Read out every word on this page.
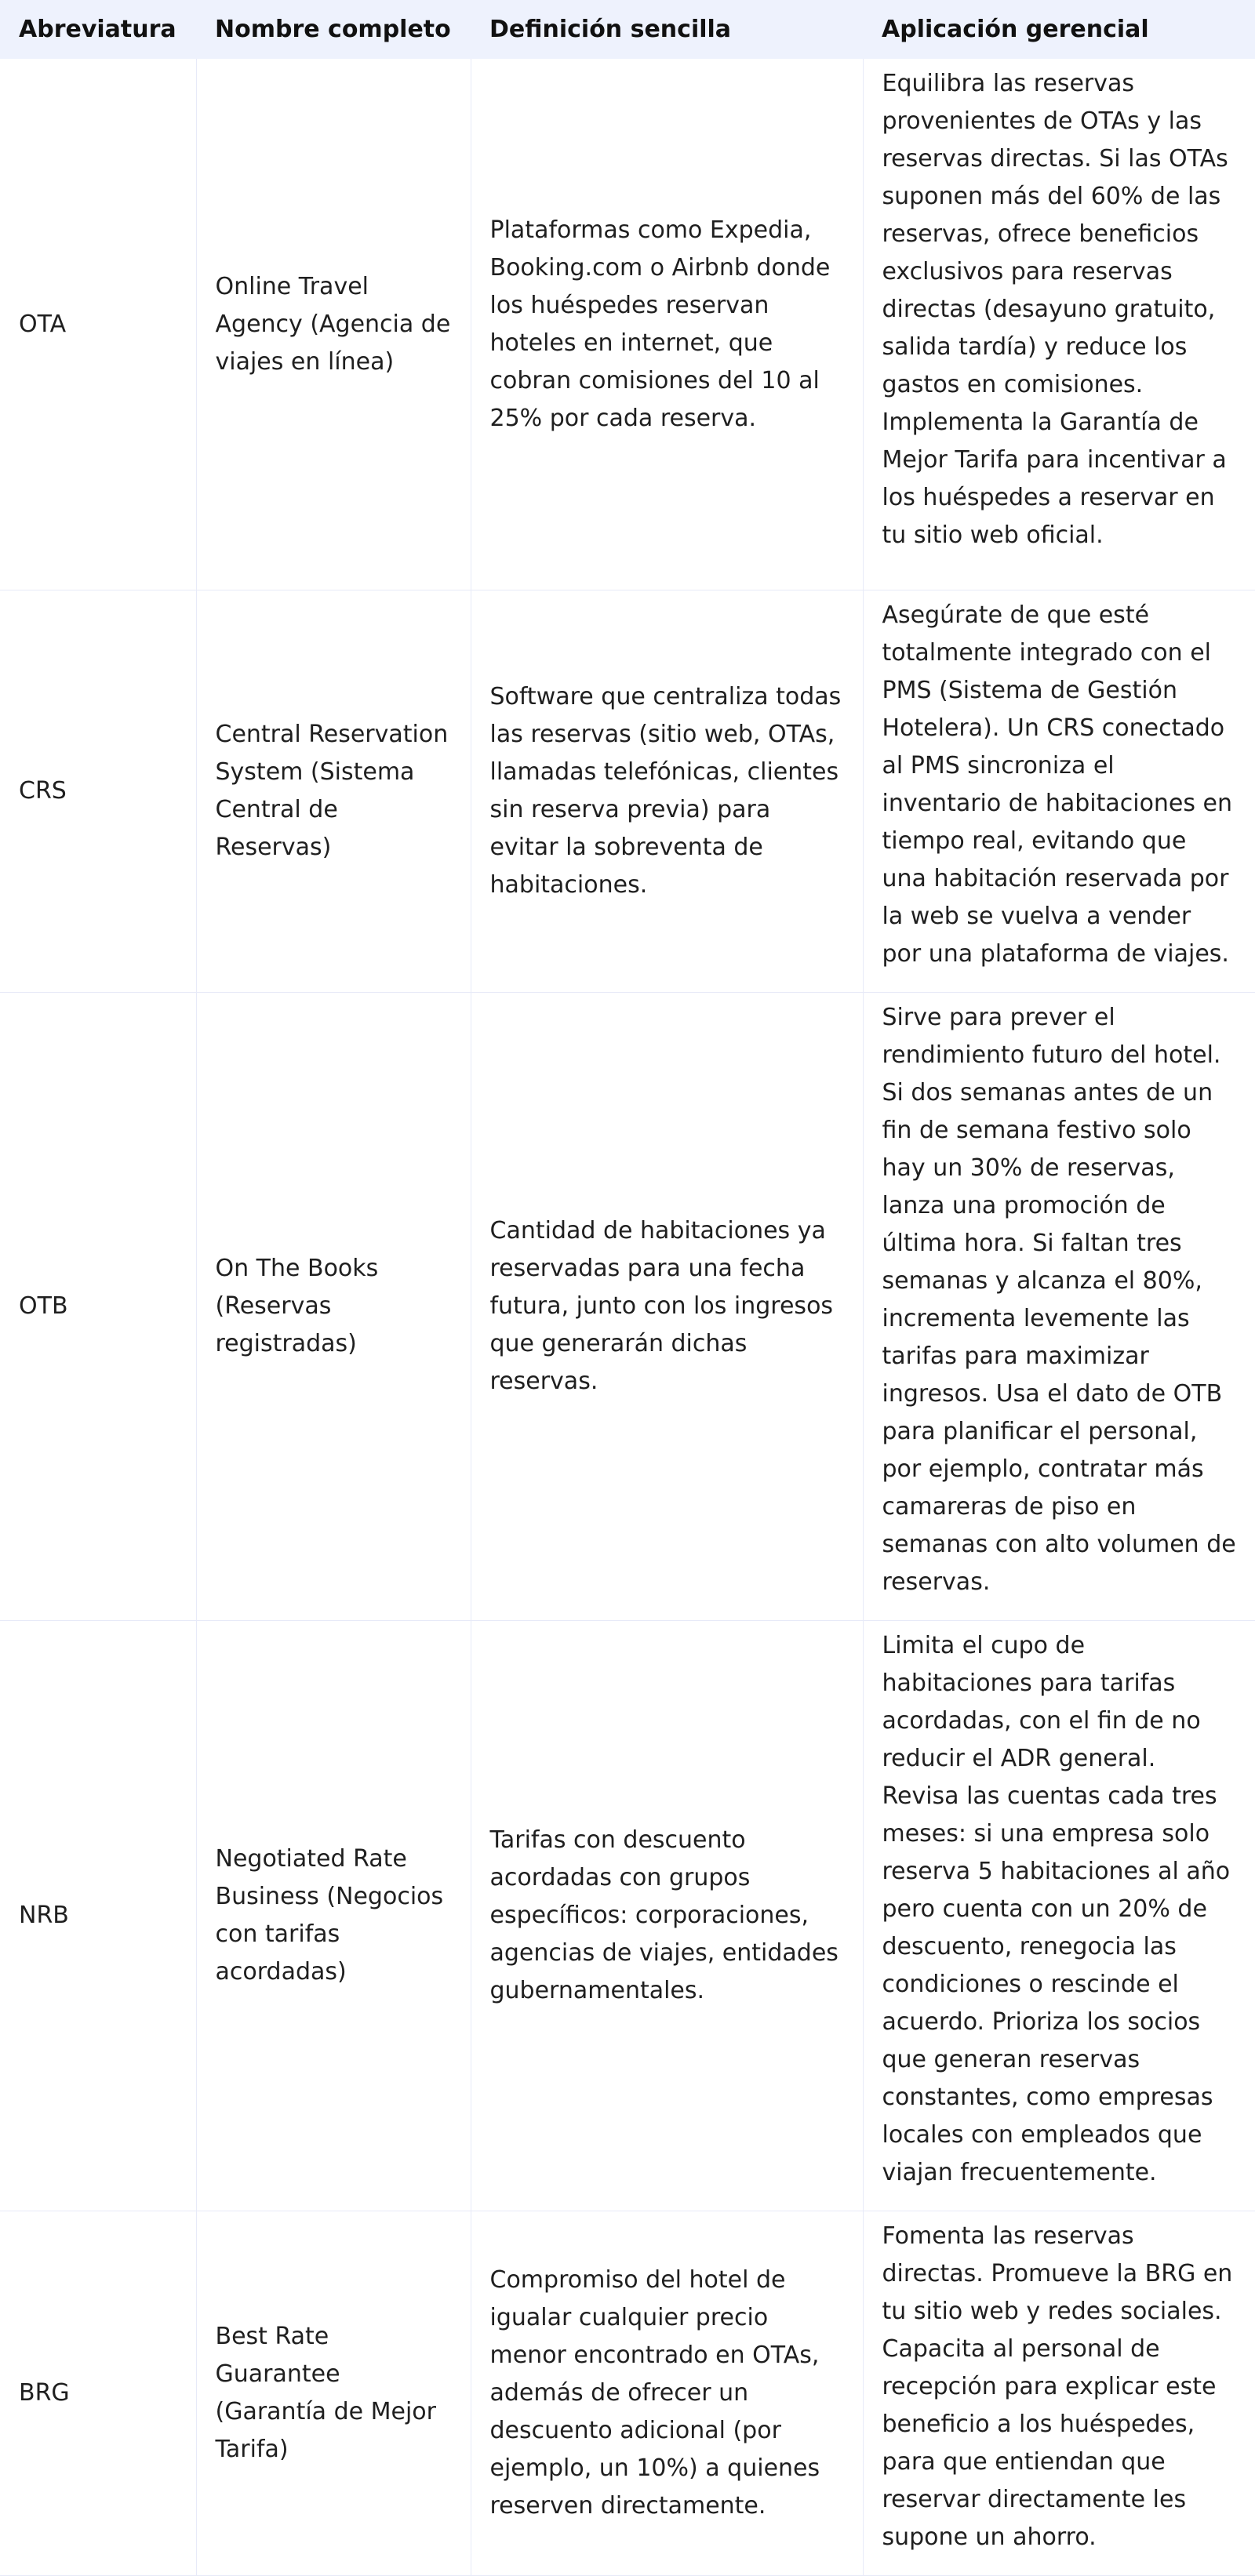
Abreviatura	Nombre completo	Definición sencilla	Aplicación gerencial
OTA	Online Travel Agency (Agencia de viajes en línea)	Plataformas como Expedia, Booking.com o Airbnb donde los huéspedes reservan hoteles en internet, que cobran comisiones del 10 al 25% por cada reserva.	Equilibra las reservas provenientes de OTAs y las reservas directas. Si las OTAs suponen más del 60% de las reservas, ofrece beneficios exclusivos para reservas directas (desayuno gratuito, salida tardía) y reduce los gastos en comisiones. Implementa la Garantía de Mejor Tarifa para incentivar a los huéspedes a reservar en tu sitio web oficial.
CRS	Central Reservation System (Sistema Central de Reservas)	Software que centraliza todas las reservas (sitio web, OTAs, llamadas telefónicas, clientes sin reserva previa) para evitar la sobreventa de habitaciones.	Asegúrate de que esté totalmente integrado con el PMS (Sistema de Gestión Hotelera). Un CRS conectado al PMS sincroniza el inventario de habitaciones en tiempo real, evitando que una habitación reservada por la web se vuelva a vender por una plataforma de viajes.
OTB	On The Books (Reservas registradas)	Cantidad de habitaciones ya reservadas para una fecha futura, junto con los ingresos que generarán dichas reservas.	Sirve para prever el rendimiento futuro del hotel. Si dos semanas antes de un fin de semana festivo solo hay un 30% de reservas, lanza una promoción de última hora. Si faltan tres semanas y alcanza el 80%, incrementa levemente las tarifas para maximizar ingresos. Usa el dato de OTB para planificar el personal, por ejemplo, contratar más camareras de piso en semanas con alto volumen de reservas.
NRB	Negotiated Rate Business (Negocios con tarifas acordadas)	Tarifas con descuento acordadas con grupos específicos: corporaciones, agencias de viajes, entidades gubernamentales.	Limita el cupo de habitaciones para tarifas acordadas, con el fin de no reducir el ADR general. Revisa las cuentas cada tres meses: si una empresa solo reserva 5 habitaciones al año pero cuenta con un 20% de descuento, renegocia las condiciones o rescinde el acuerdo. Prioriza los socios que generan reservas constantes, como empresas locales con empleados que viajan frecuentemente.
BRG	Best Rate Guarantee (Garantía de Mejor Tarifa)	Compromiso del hotel de igualar cualquier precio menor encontrado en OTAs, además de ofrecer un descuento adicional (por ejemplo, un 10%) a quienes reserven directamente.	Fomenta las reservas directas. Promueve la BRG en tu sitio web y redes sociales. Capacita al personal de recepción para explicar este beneficio a los huéspedes, para que entiendan que reservar directamente les supone un ahorro.
